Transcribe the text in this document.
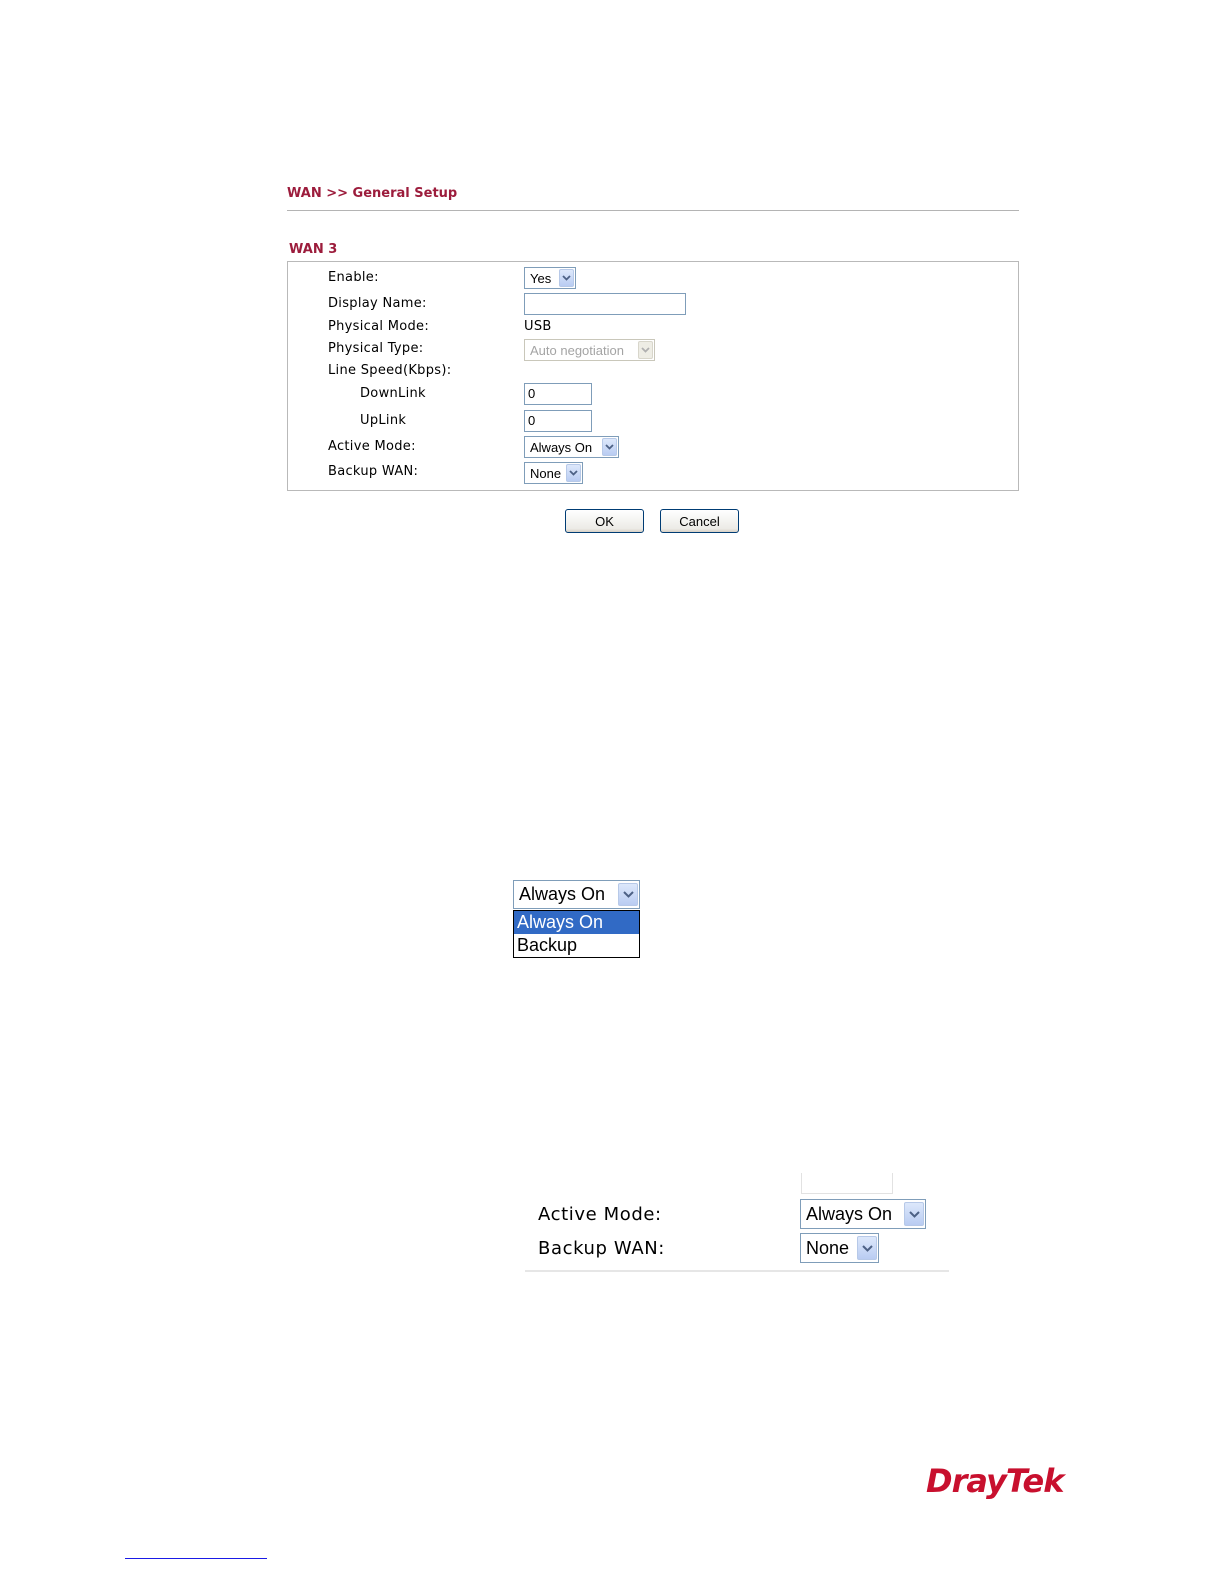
WAN >> General Setup
WAN 3
Enable:	Yes
Display Name:
Physical Mode:	USB
Physical Type:	Auto negotiation
Line Speed(Kbps):
DownLink	0
UpLink	0
Active Mode:	Always On
Backup WAN:	None
OK	Cancel
Always On
Always On
Backup
Active Mode:	Always On
Backup WAN:	None
DrayTek
